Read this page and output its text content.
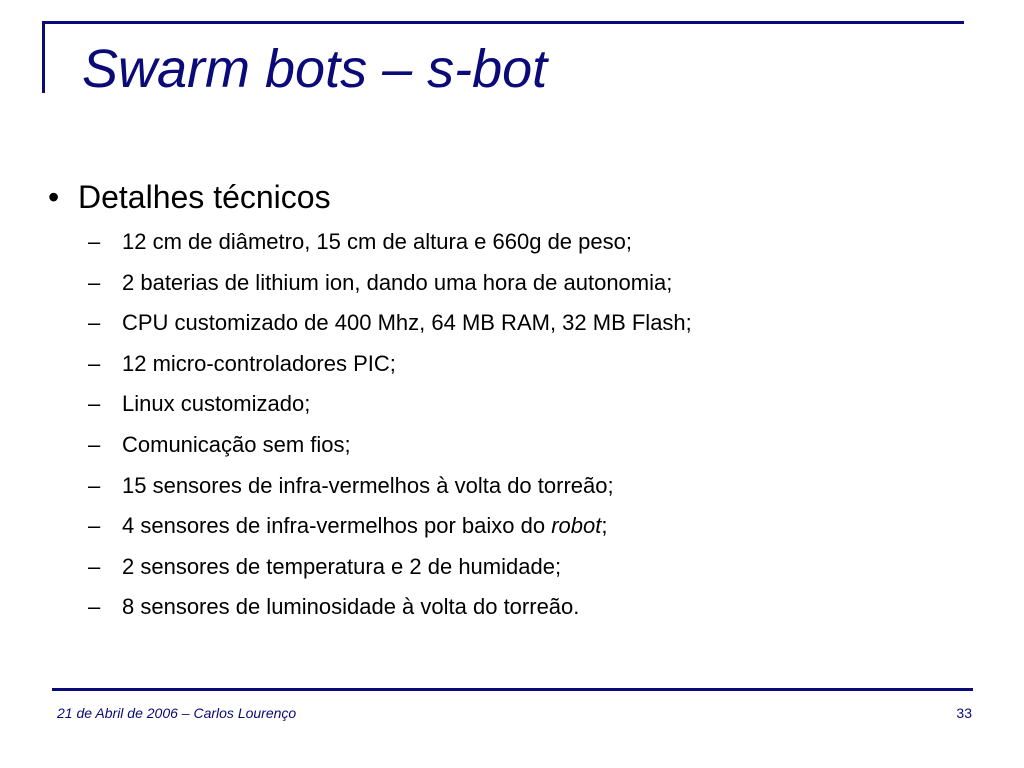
Swarm bots – s-bot
• Detalhes técnicos
– 12 cm de diâmetro, 15 cm de altura e 660g de peso;
– 2 baterias de lithium ion, dando uma hora de autonomia;
– CPU customizado de 400 Mhz, 64 MB RAM, 32 MB Flash;
– 12 micro-controladores PIC;
– Linux customizado;
– Comunicação sem fios;
– 15 sensores de infra-vermelhos à volta do torreão;
– 4 sensores de infra-vermelhos por baixo do robot;
– 2 sensores de temperatura e 2 de humidade;
– 8 sensores de luminosidade à volta do torreão.
21 de Abril de 2006 – Carlos Lourenço	33
